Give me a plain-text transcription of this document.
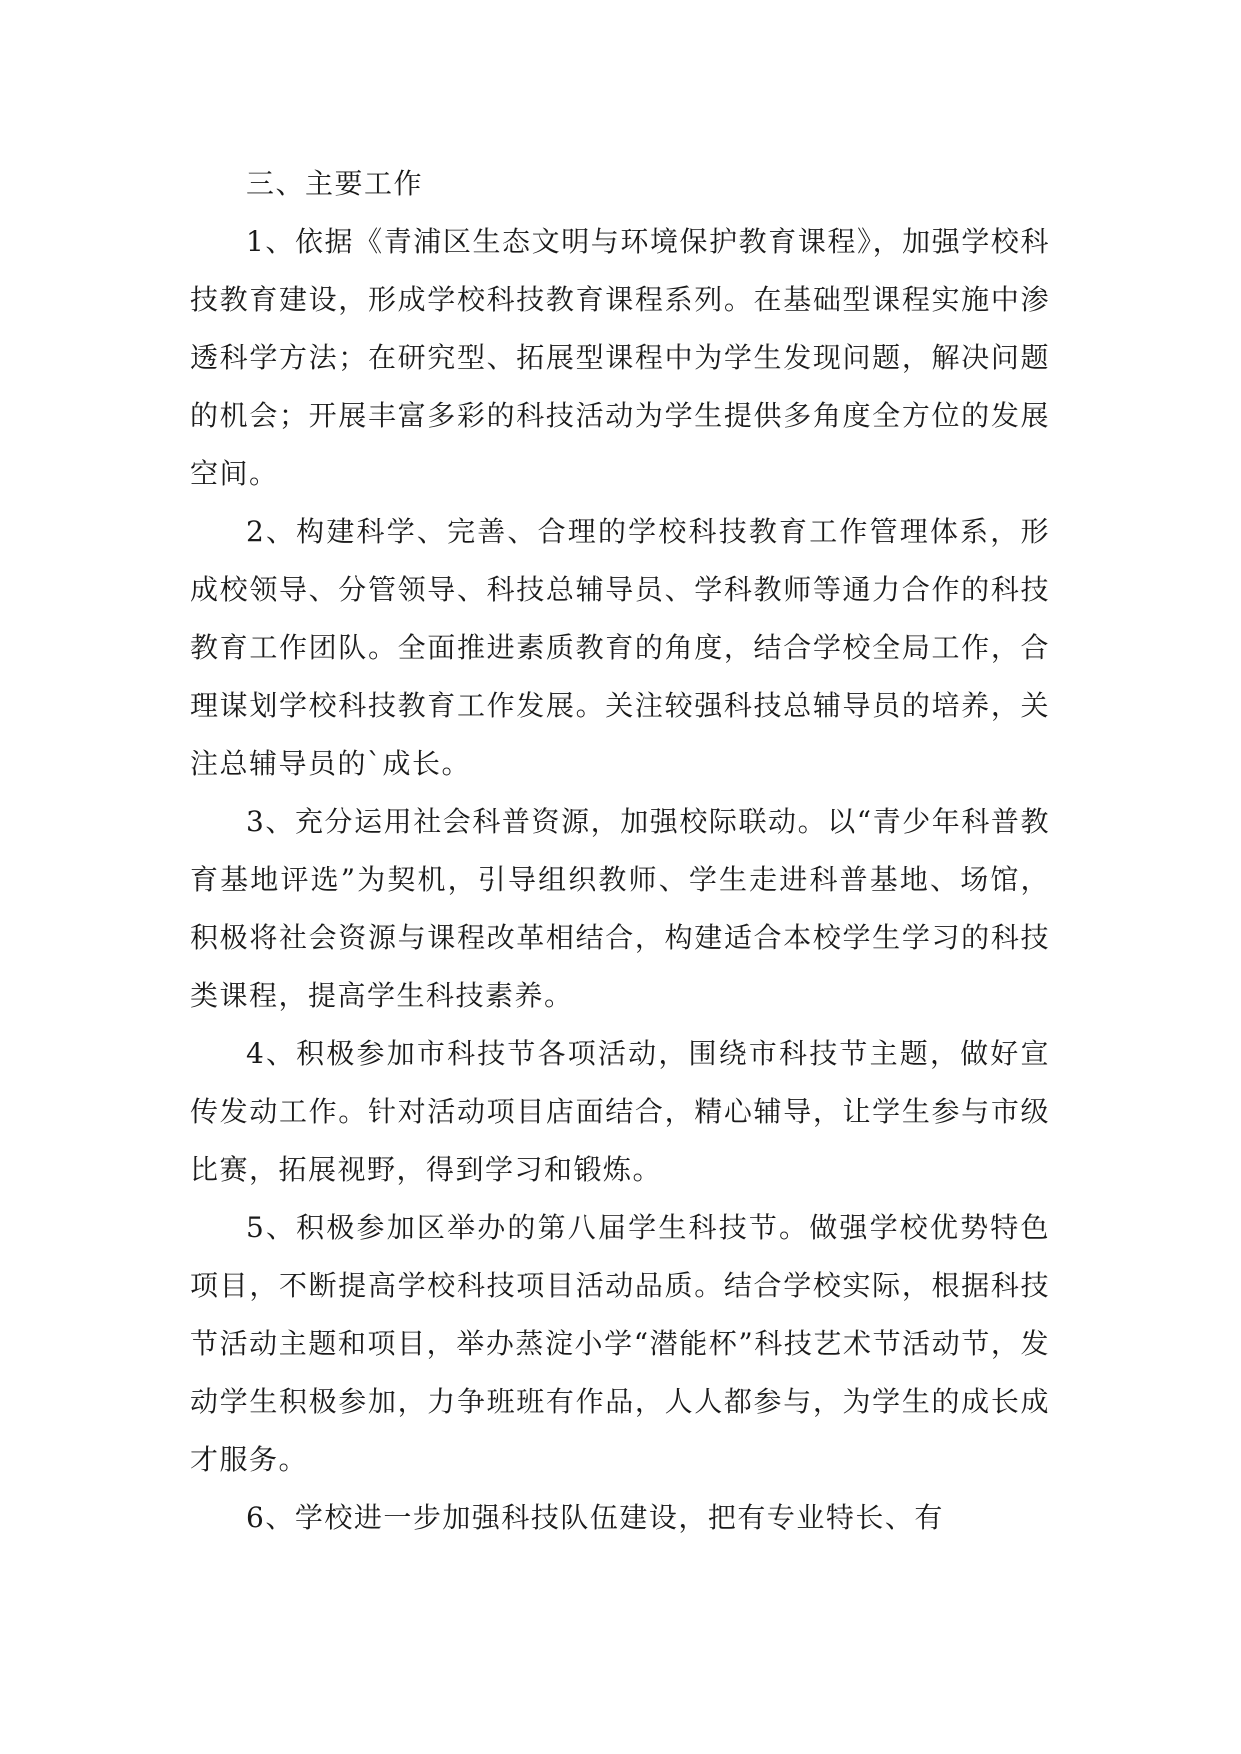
三、主要工作

1、依据《青浦区生态文明与环境保护教育课程》，加强学校科技教育建设，形成学校科技教育课程系列。在基础型课程实施中渗透科学方法；在研究型、拓展型课程中为学生发现问题，解决问题的机会；开展丰富多彩的科技活动为学生提供多角度全方位的发展空间。

2、构建科学、完善、合理的学校科技教育工作管理体系，形成校领导、分管领导、科技总辅导员、学科教师等通力合作的科技教育工作团队。全面推进素质教育的角度，结合学校全局工作，合理谋划学校科技教育工作发展。关注较强科技总辅导员的培养，关注总辅导员的`成长。

3、充分运用社会科普资源，加强校际联动。以“青少年科普教育基地评选”为契机，引导组织教师、学生走进科普基地、场馆，积极将社会资源与课程改革相结合，构建适合本校学生学习的科技类课程，提高学生科技素养。

4、积极参加市科技节各项活动，围绕市科技节主题，做好宣传发动工作。针对活动项目店面结合，精心辅导，让学生参与市级比赛，拓展视野，得到学习和锻炼。

5、积极参加区举办的第八届学生科技节。做强学校优势特色项目，不断提高学校科技项目活动品质。结合学校实际，根据科技节活动主题和项目，举办蒸淀小学“潜能杯”科技艺术节活动节，发动学生积极参加，力争班班有作品，人人都参与，为学生的成长成才服务。

6、学校进一步加强科技队伍建设，把有专业特长、有
